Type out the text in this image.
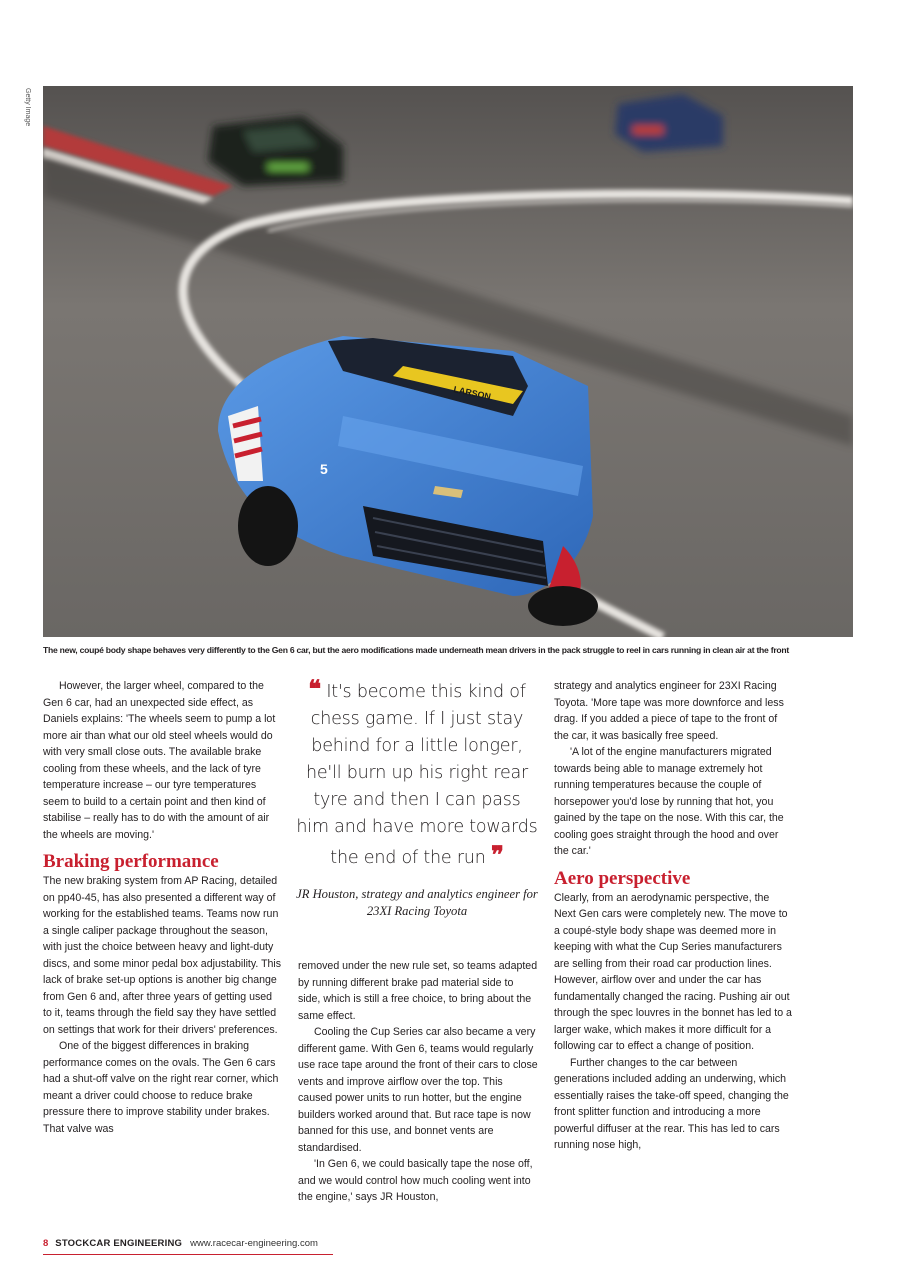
Getty Image
LARSON
5
The new, coupé body shape behaves very differently to the Gen 6 car, but the aero modifications made underneath mean drivers in the pack struggle to reel in cars running in clean air at the front

However, the larger wheel, compared to the Gen 6 car, had an unexpected side effect, as Daniels explains: 'The wheels seem to pump a lot more air than what our old steel wheels would do with very small close outs. The available brake cooling from these wheels, and the lack of tyre temperature increase – our tyre temperatures seem to build to a certain point and then kind of stabilise – really has to do with the amount of air the wheels are moving.'

Braking performance

The new braking system from AP Racing, detailed on pp40-45, has also presented a different way of working for the established teams. Teams now run a single caliper package throughout the season, with just the choice between heavy and light-duty discs, and some minor pedal box adjustability. This lack of brake set-up options is another big change from Gen 6 and, after three years of getting used to it, teams through the field say they have settled on settings that work for their drivers' preferences.

One of the biggest differences in braking performance comes on the ovals. The Gen 6 cars had a shut-off valve on the right rear corner, which meant a driver could choose to reduce brake pressure there to improve stability under brakes. That valve was

❝ It's become this kind of chess game. If I just stay behind for a little longer, he'll burn up his right rear tyre and then I can pass him and have more towards the end of the run ❞
JR Houston, strategy and analytics engineer for 23XI Racing Toyota

removed under the new rule set, so teams adapted by running different brake pad material side to side, which is still a free choice, to bring about the same effect.

Cooling the Cup Series car also became a very different game. With Gen 6, teams would regularly use race tape around the front of their cars to close vents and improve airflow over the top. This caused power units to run hotter, but the engine builders worked around that. But race tape is now banned for this use, and bonnet vents are standardised.

'In Gen 6, we could basically tape the nose off, and we would control how much cooling went into the engine,' says JR Houston,

strategy and analytics engineer for 23XI Racing Toyota. 'More tape was more downforce and less drag. If you added a piece of tape to the front of the car, it was basically free speed.

'A lot of the engine manufacturers migrated towards being able to manage extremely hot running temperatures because the couple of horsepower you'd lose by running that hot, you gained by the tape on the nose. With this car, the cooling goes straight through the hood and over the car.'

Aero perspective

Clearly, from an aerodynamic perspective, the Next Gen cars were completely new. The move to a coupé-style body shape was deemed more in keeping with what the Cup Series manufacturers are selling from their road car production lines. However, airflow over and under the car has fundamentally changed the racing. Pushing air out through the spec louvres in the bonnet has led to a larger wake, which makes it more difficult for a following car to effect a change of position.

Further changes to the car between generations included adding an underwing, which essentially raises the take-off speed, changing the front splitter function and introducing a more powerful diffuser at the rear. This has led to cars running nose high,

8 STOCKCAR ENGINEERING www.racecar-engineering.com
